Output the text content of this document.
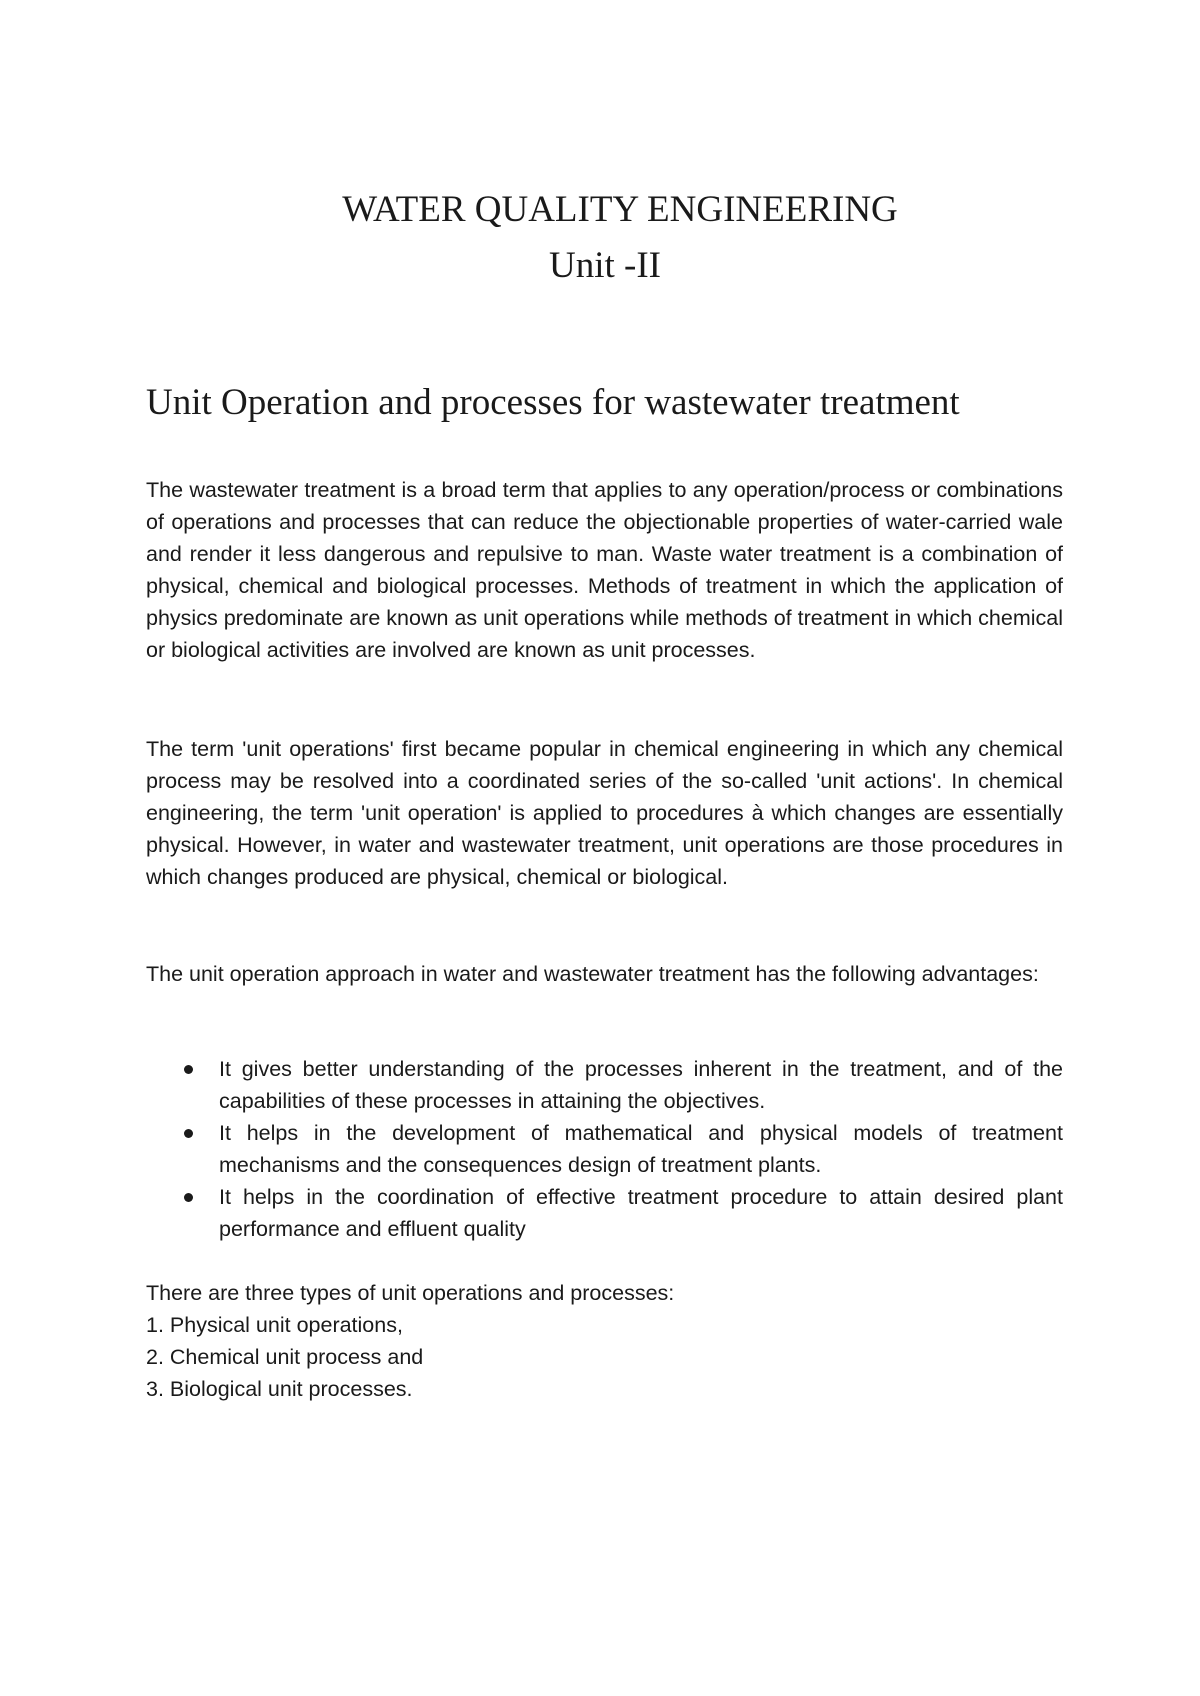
WATER QUALITY ENGINEERING
Unit -II
Unit Operation and processes for wastewater treatment

The wastewater treatment is a broad term that applies to any operation/process or combinations of operations and processes that can reduce the objectionable properties of water-carried wale and render it less dangerous and repulsive to man. Waste water treatment is a combination of physical, chemical and biological processes. Methods of treatment in which the application of physics predominate are known as unit operations while methods of treatment in which chemical or biological activities are involved are known as unit processes.

The term 'unit operations' first became popular in chemical engineering in which any chemical process may be resolved into a coordinated series of the so-called 'unit actions'. In chemical engineering, the term 'unit operation' is applied to procedures à which changes are essentially physical. However, in water and wastewater treatment, unit operations are those procedures in which changes produced are physical, chemical or biological.

The unit operation approach in water and wastewater treatment has the following advantages:

It gives better understanding of the processes inherent in the treatment, and of the capabilities of these processes in attaining the objectives.
It helps in the development of mathematical and physical models of treatment mechanisms and the consequences design of treatment plants.
It helps in the coordination of effective treatment procedure to attain desired plant performance and effluent quality
There are three types of unit operations and processes:
1. Physical unit operations,
2. Chemical unit process and
3. Biological unit processes.
